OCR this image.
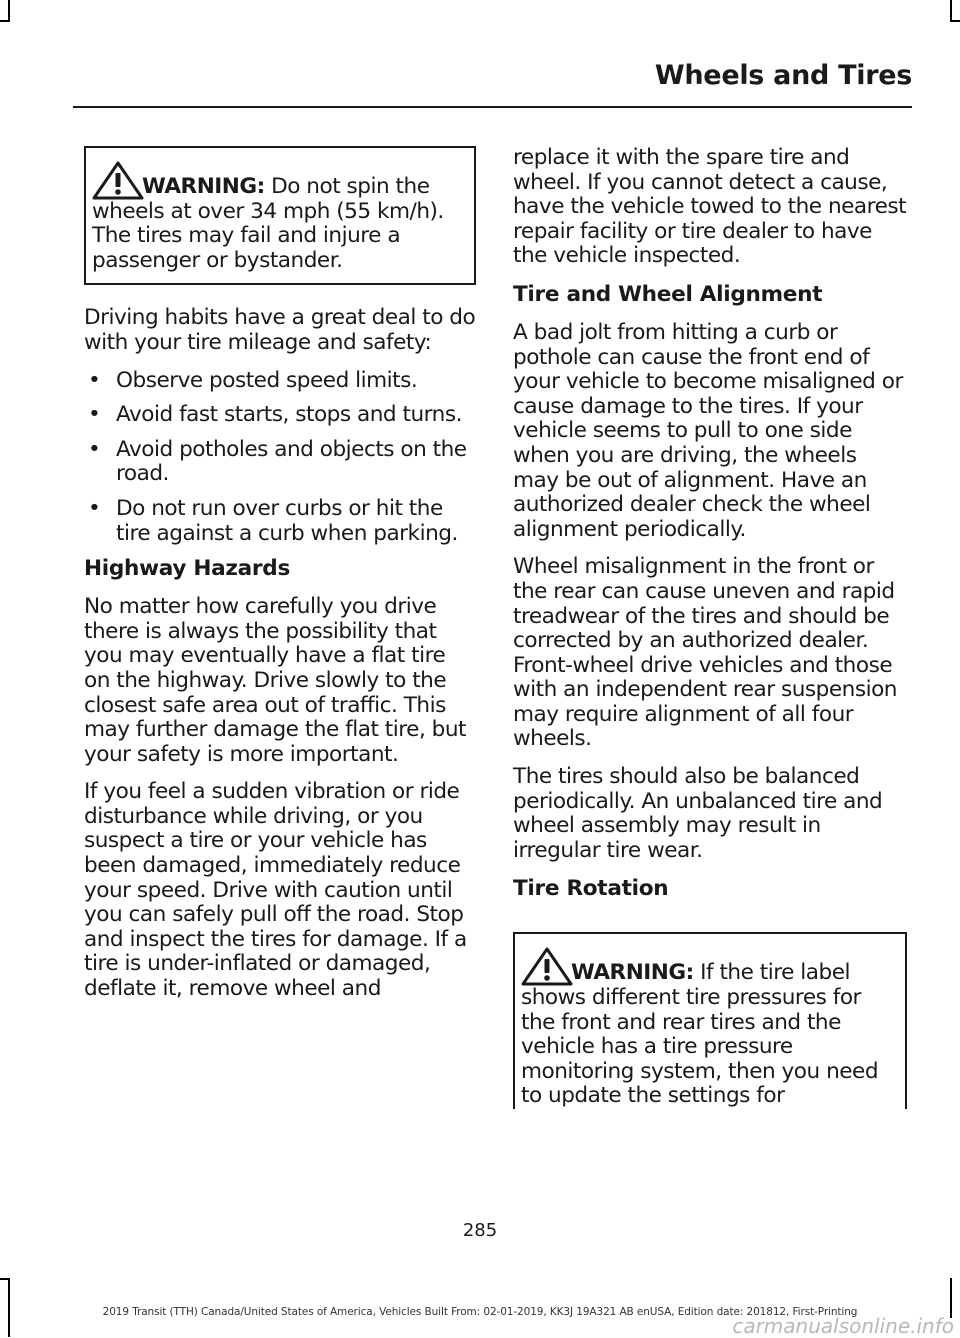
Wheels and Tires
WARNING: Do not spin the wheels at over 34 mph (55 km/h). The tires may fail and injure a passenger or bystander.

Driving habits have a great deal to do with your tire mileage and safety:

• Observe posted speed limits.
• Avoid fast starts, stops and turns.
• Avoid potholes and objects on the road.
• Do not run over curbs or hit the tire against a curb when parking.
Highway Hazards

No matter how carefully you drive there is always the possibility that you may eventually have a flat tire on the highway. Drive slowly to the closest safe area out of traffic. This may further damage the flat tire, but your safety is more important.

If you feel a sudden vibration or ride disturbance while driving, or you suspect a tire or your vehicle has been damaged, immediately reduce your speed. Drive with caution until you can safely pull off the road. Stop and inspect the tires for damage. If a tire is under-inflated or damaged, deflate it, remove wheel and

replace it with the spare tire and wheel. If you cannot detect a cause, have the vehicle towed to the nearest repair facility or tire dealer to have the vehicle inspected.

Tire and Wheel Alignment

A bad jolt from hitting a curb or pothole can cause the front end of your vehicle to become misaligned or cause damage to the tires. If your vehicle seems to pull to one side when you are driving, the wheels may be out of alignment. Have an authorized dealer check the wheel alignment periodically.

Wheel misalignment in the front or the rear can cause uneven and rapid treadwear of the tires and should be corrected by an authorized dealer. Front-wheel drive vehicles and those with an independent rear suspension may require alignment of all four wheels.

The tires should also be balanced periodically. An unbalanced tire and wheel assembly may result in irregular tire wear.

Tire Rotation
WARNING: If the tire label shows different tire pressures for the front and rear tires and the vehicle has a tire pressure monitoring system, then you need to update the settings for
285
2019 Transit (TTH) Canada/United States of America, Vehicles Built From: 02-01-2019, KK3J 19A321 AB enUSA, Edition date: 201812, First-Printing
carmanualsonline.info
